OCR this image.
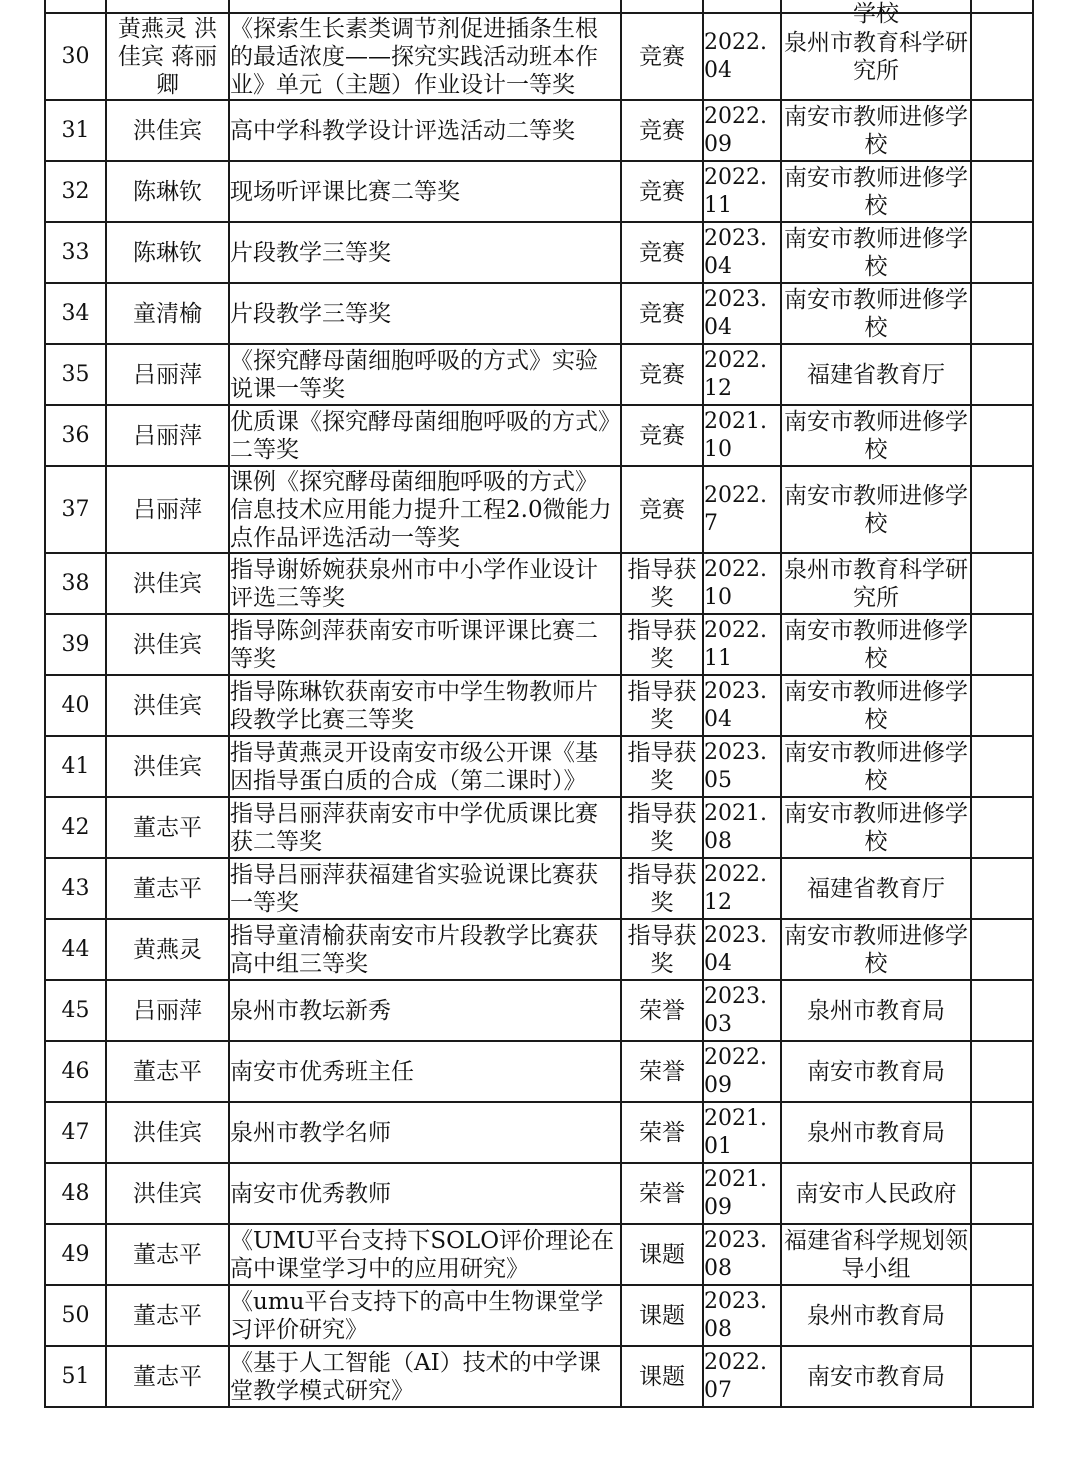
					学校	

30	黄燕灵 洪佳宾 蒋丽卿	《探索生长素类调节剂促进插条生根的最适浓度——探究实践活动班本作业》单元（主题）作业设计一等奖	竞赛	2022.04	泉州市教育科学研究所	
31	洪佳宾	高中学科教学设计评选活动二等奖	竞赛	2022.09	南安市教师进修学校	
32	陈琳钦	现场听评课比赛二等奖	竞赛	2022.11	南安市教师进修学校	
33	陈琳钦	片段教学三等奖	竞赛	2023.04	南安市教师进修学校	
34	童清榆	片段教学三等奖	竞赛	2023.04	南安市教师进修学校	
35	吕丽萍	《探究酵母菌细胞呼吸的方式》实验说课一等奖	竞赛	2022.12	福建省教育厅	
36	吕丽萍	优质课《探究酵母菌细胞呼吸的方式》二等奖	竞赛	2021.10	南安市教师进修学校	
37	吕丽萍	课例《探究酵母菌细胞呼吸的方式》信息技术应用能力提升工程2.0微能力点作品评选活动一等奖	竞赛	2022.7	南安市教师进修学校	
38	洪佳宾	指导谢娇婉获泉州市中小学作业设计评选三等奖	指导获奖	2022.10	泉州市教育科学研究所	
39	洪佳宾	指导陈剑萍获南安市听课评课比赛二等奖	指导获奖	2022.11	南安市教师进修学校	
40	洪佳宾	指导陈琳钦获南安市中学生物教师片段教学比赛三等奖	指导获奖	2023.04	南安市教师进修学校	
41	洪佳宾	指导黄燕灵开设南安市级公开课《基因指导蛋白质的合成（第二课时）》	指导获奖	2023.05	南安市教师进修学校	
42	董志平	指导吕丽萍获南安市中学优质课比赛获二等奖	指导获奖	2021.08	南安市教师进修学校	
43	董志平	指导吕丽萍获福建省实验说课比赛获一等奖	指导获奖	2022.12	福建省教育厅	
44	黄燕灵	指导童清榆获南安市片段教学比赛获高中组三等奖	指导获奖	2023.04	南安市教师进修学校	
45	吕丽萍	泉州市教坛新秀	荣誉	2023.03	泉州市教育局	
46	董志平	南安市优秀班主任	荣誉	2022.09	南安市教育局	
47	洪佳宾	泉州市教学名师	荣誉	2021.01	泉州市教育局	
48	洪佳宾	南安市优秀教师	荣誉	2021.09	南安市人民政府	
49	董志平	《UMU平台支持下SOLO评价理论在高中课堂学习中的应用研究》	课题	2023.08	福建省科学规划领导小组	
50	董志平	《umu平台支持下的高中生物课堂学习评价研究》	课题	2023.08	泉州市教育局	
51	董志平	《基于人工智能（AI）技术的中学课堂教学模式研究》	课题	2022.07	南安市教育局	
